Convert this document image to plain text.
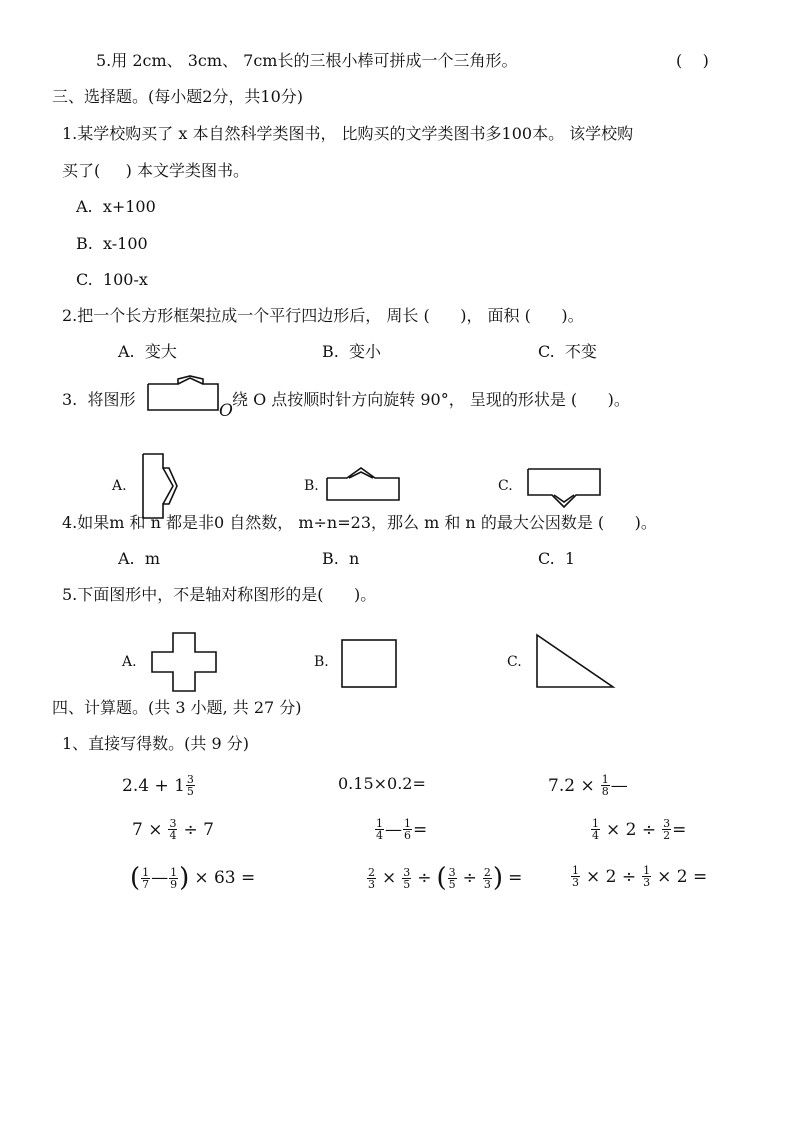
5.用 2cm、 3cm、 7cm长的三根小棒可拼成一个三角形。	(    )
三、选择题。(每小题2分，共10分)
1.某学校购买了 x 本自然科学类图书， 比购买的文学类图书多100本。 该学校购
买了(     ) 本文学类图书。
A.  x+100
B.  x-100
C.  100-x
2.把一个长方形框架拉成一个平行四边形后， 周长 (      )， 面积 (      )。
A.  变大	B.  变小	C.  不变
3.  将图形
O
绕 O 点按顺时针方向旋转 90°， 呈现的形状是 (      )。
A.	B.	C.
4.如果m 和 n 都是非0 自然数， m÷n=23，那么 m 和 n 的最大公因数是 (      )。
A.  m	B.  n	C.  1
5.下面图形中，不是轴对称图形的是(      )。
A.	B.	C.
四、计算题。(共 3 小题, 共 27 分)
1、直接写得数。(共 9 分)
$2.4 + 1 \frac{3}{5}$	0.15×0.2=	$7.2 \times \frac{1}{8}$ —
$7 \times \frac{3}{4} \div 7$	$\frac{1}{4}$ — $\frac{1}{6}$ =	$\frac{1}{4} \times 2 \div \frac{3}{2}$ =
( $\frac{1}{7}$ — $\frac{1}{9}$ ) × 63 =	$\frac{2}{3} \times \frac{3}{5}$ ÷ ( $\frac{3}{5} \div \frac{2}{3}$ ) =	$\frac{1}{3} \times 2 \div \frac{1}{3} \times 2$ =
